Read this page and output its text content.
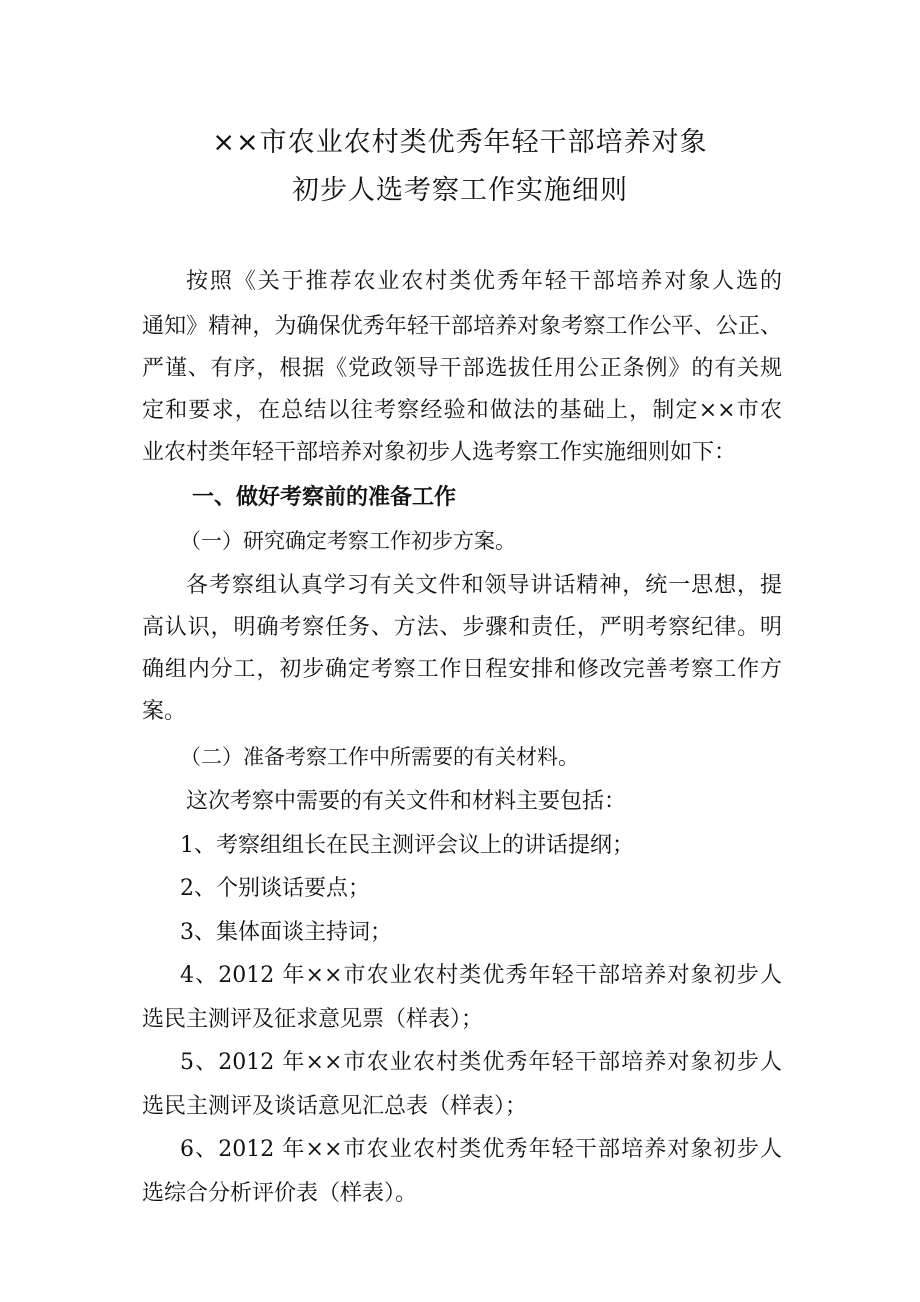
××市农业农村类优秀年轻干部培养对象
初步人选考察工作实施细则
按照《关于推荐农业农村类优秀年轻干部培养对象人选的
通知》精神，为确保优秀年轻干部培养对象考察工作公平、公正、
严谨、有序，根据《党政领导干部选拔任用公正条例》的有关规
定和要求，在总结以往考察经验和做法的基础上，制定××市农
业农村类年轻干部培养对象初步人选考察工作实施细则如下：
一、做好考察前的准备工作
（一）研究确定考察工作初步方案。
各考察组认真学习有关文件和领导讲话精神，统一思想，提
高认识，明确考察任务、方法、步骤和责任，严明考察纪律。明
确组内分工，初步确定考察工作日程安排和修改完善考察工作方
案。
（二）准备考察工作中所需要的有关材料。
这次考察中需要的有关文件和材料主要包括：
1、考察组组长在民主测评会议上的讲话提纲；
2、个别谈话要点；
3、集体面谈主持词；
4、2012 年××市农业农村类优秀年轻干部培养对象初步人
选民主测评及征求意见票（样表）；
5、2012 年××市农业农村类优秀年轻干部培养对象初步人
选民主测评及谈话意见汇总表（样表）；
6、2012 年××市农业农村类优秀年轻干部培养对象初步人
选综合分析评价表（样表）。
